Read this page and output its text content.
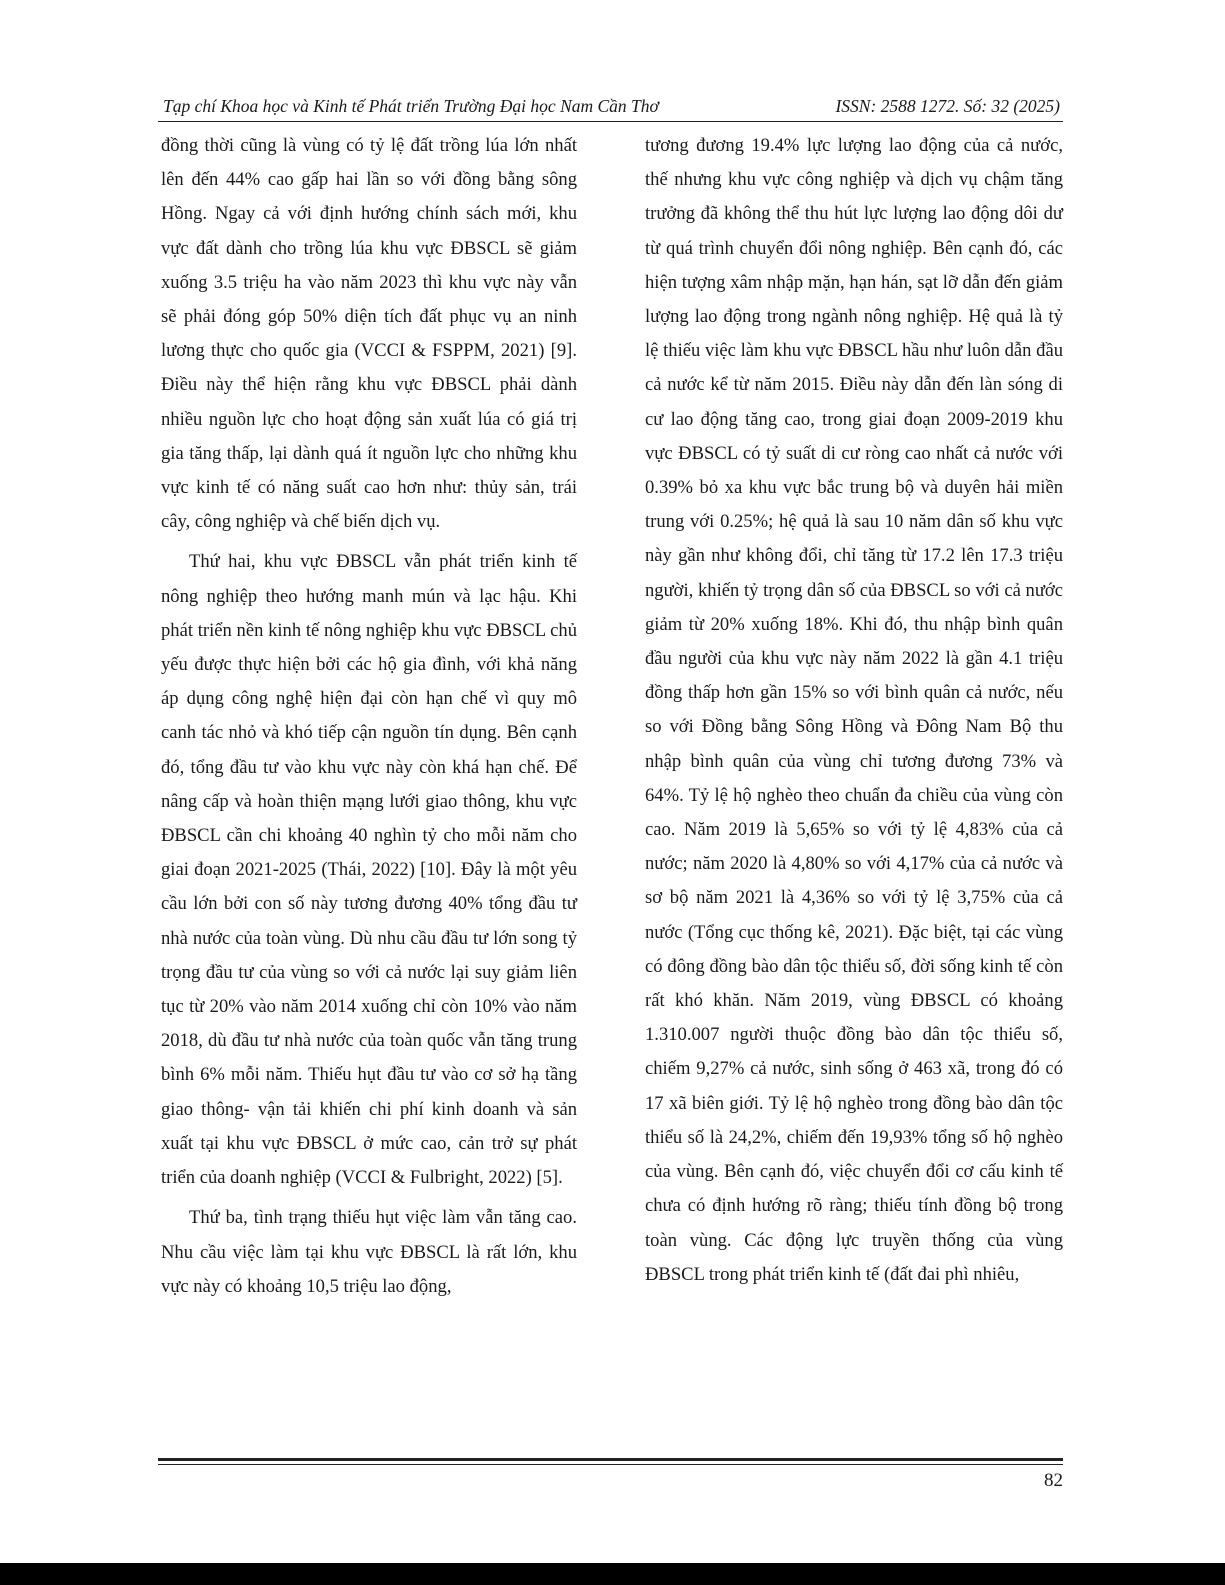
Tạp chí Khoa học và Kinh tế Phát triển Trường Đại học Nam Cần Thơ	ISSN: 2588 1272. Số: 32 (2025)

đồng thời cũng là vùng có tỷ lệ đất trồng lúa lớn nhất lên đến 44% cao gấp hai lần so với đồng bằng sông Hồng. Ngay cả với định hướng chính sách mới, khu vực đất dành cho trồng lúa khu vực ĐBSCL sẽ giảm xuống 3.5 triệu ha vào năm 2023 thì khu vực này vẫn sẽ phải đóng góp 50% diện tích đất phục vụ an ninh lương thực cho quốc gia (VCCI & FSPPM, 2021) [9]. Điều này thể hiện rằng khu vực ĐBSCL phải dành nhiều nguồn lực cho hoạt động sản xuất lúa có giá trị gia tăng thấp, lại dành quá ít nguồn lực cho những khu vực kinh tế có năng suất cao hơn như: thủy sản, trái cây, công nghiệp và chế biến dịch vụ.

Thứ hai, khu vực ĐBSCL vẫn phát triển kinh tế nông nghiệp theo hướng manh mún và lạc hậu. Khi phát triển nền kinh tế nông nghiệp khu vực ĐBSCL chủ yếu được thực hiện bởi các hộ gia đình, với khả năng áp dụng công nghệ hiện đại còn hạn chế vì quy mô canh tác nhỏ và khó tiếp cận nguồn tín dụng. Bên cạnh đó, tổng đầu tư vào khu vực này còn khá hạn chế. Để nâng cấp và hoàn thiện mạng lưới giao thông, khu vực ĐBSCL cần chi khoảng 40 nghìn tỷ cho mỗi năm cho giai đoạn 2021-2025 (Thái, 2022) [10]. Đây là một yêu cầu lớn bởi con số này tương đương 40% tổng đầu tư nhà nước của toàn vùng. Dù nhu cầu đầu tư lớn song tỷ trọng đầu tư của vùng so với cả nước lại suy giảm liên tục từ 20% vào năm 2014 xuống chỉ còn 10% vào năm 2018, dù đầu tư nhà nước của toàn quốc vẫn tăng trung bình 6% mỗi năm. Thiếu hụt đầu tư vào cơ sở hạ tầng giao thông- vận tải khiến chi phí kinh doanh và sản xuất tại khu vực ĐBSCL ở mức cao, cản trở sự phát triển của doanh nghiệp (VCCI & Fulbright, 2022) [5].

Thứ ba, tình trạng thiếu hụt việc làm vẫn tăng cao. Nhu cầu việc làm tại khu vực ĐBSCL là rất lớn, khu vực này có khoảng 10,5 triệu lao động,

tương đương 19.4% lực lượng lao động của cả nước, thế nhưng khu vực công nghiệp và dịch vụ chậm tăng trưởng đã không thể thu hút lực lượng lao động dôi dư từ quá trình chuyển đổi nông nghiệp. Bên cạnh đó, các hiện tượng xâm nhập mặn, hạn hán, sạt lỡ dẫn đến giảm lượng lao động trong ngành nông nghiệp. Hệ quả là tỷ lệ thiếu việc làm khu vực ĐBSCL hầu như luôn dẫn đầu cả nước kể từ năm 2015. Điều này dẫn đến làn sóng di cư lao động tăng cao, trong giai đoạn 2009-2019 khu vực ĐBSCL có tỷ suất di cư ròng cao nhất cả nước với 0.39% bỏ xa khu vực bắc trung bộ và duyên hải miền trung với 0.25%; hệ quả là sau 10 năm dân số khu vực này gần như không đổi, chỉ tăng từ 17.2 lên 17.3 triệu người, khiến tỷ trọng dân số của ĐBSCL so với cả nước giảm từ 20% xuống 18%. Khi đó, thu nhập bình quân đầu người của khu vực này năm 2022 là gần 4.1 triệu đồng thấp hơn gần 15% so với bình quân cả nước, nếu so với Đồng bằng Sông Hồng và Đông Nam Bộ thu nhập bình quân của vùng chỉ tương đương 73% và 64%. Tỷ lệ hộ nghèo theo chuẩn đa chiều của vùng còn cao. Năm 2019 là 5,65% so với tỷ lệ 4,83% của cả nước; năm 2020 là 4,80% so với 4,17% của cả nước và sơ bộ năm 2021 là 4,36% so với tỷ lệ 3,75% của cả nước (Tổng cục thống kê, 2021). Đặc biệt, tại các vùng có đông đồng bào dân tộc thiểu số, đời sống kinh tế còn rất khó khăn. Năm 2019, vùng ĐBSCL có khoảng 1.310.007 người thuộc đồng bào dân tộc thiểu số, chiếm 9,27% cả nước, sinh sống ở 463 xã, trong đó có 17 xã biên giới. Tỷ lệ hộ nghèo trong đồng bào dân tộc thiểu số là 24,2%, chiếm đến 19,93% tổng số hộ nghèo của vùng. Bên cạnh đó, việc chuyển đổi cơ cấu kinh tế chưa có định hướng rõ ràng; thiếu tính đồng bộ trong toàn vùng. Các động lực truyền thống của vùng ĐBSCL trong phát triển kinh tế (đất đai phì nhiêu,

82
